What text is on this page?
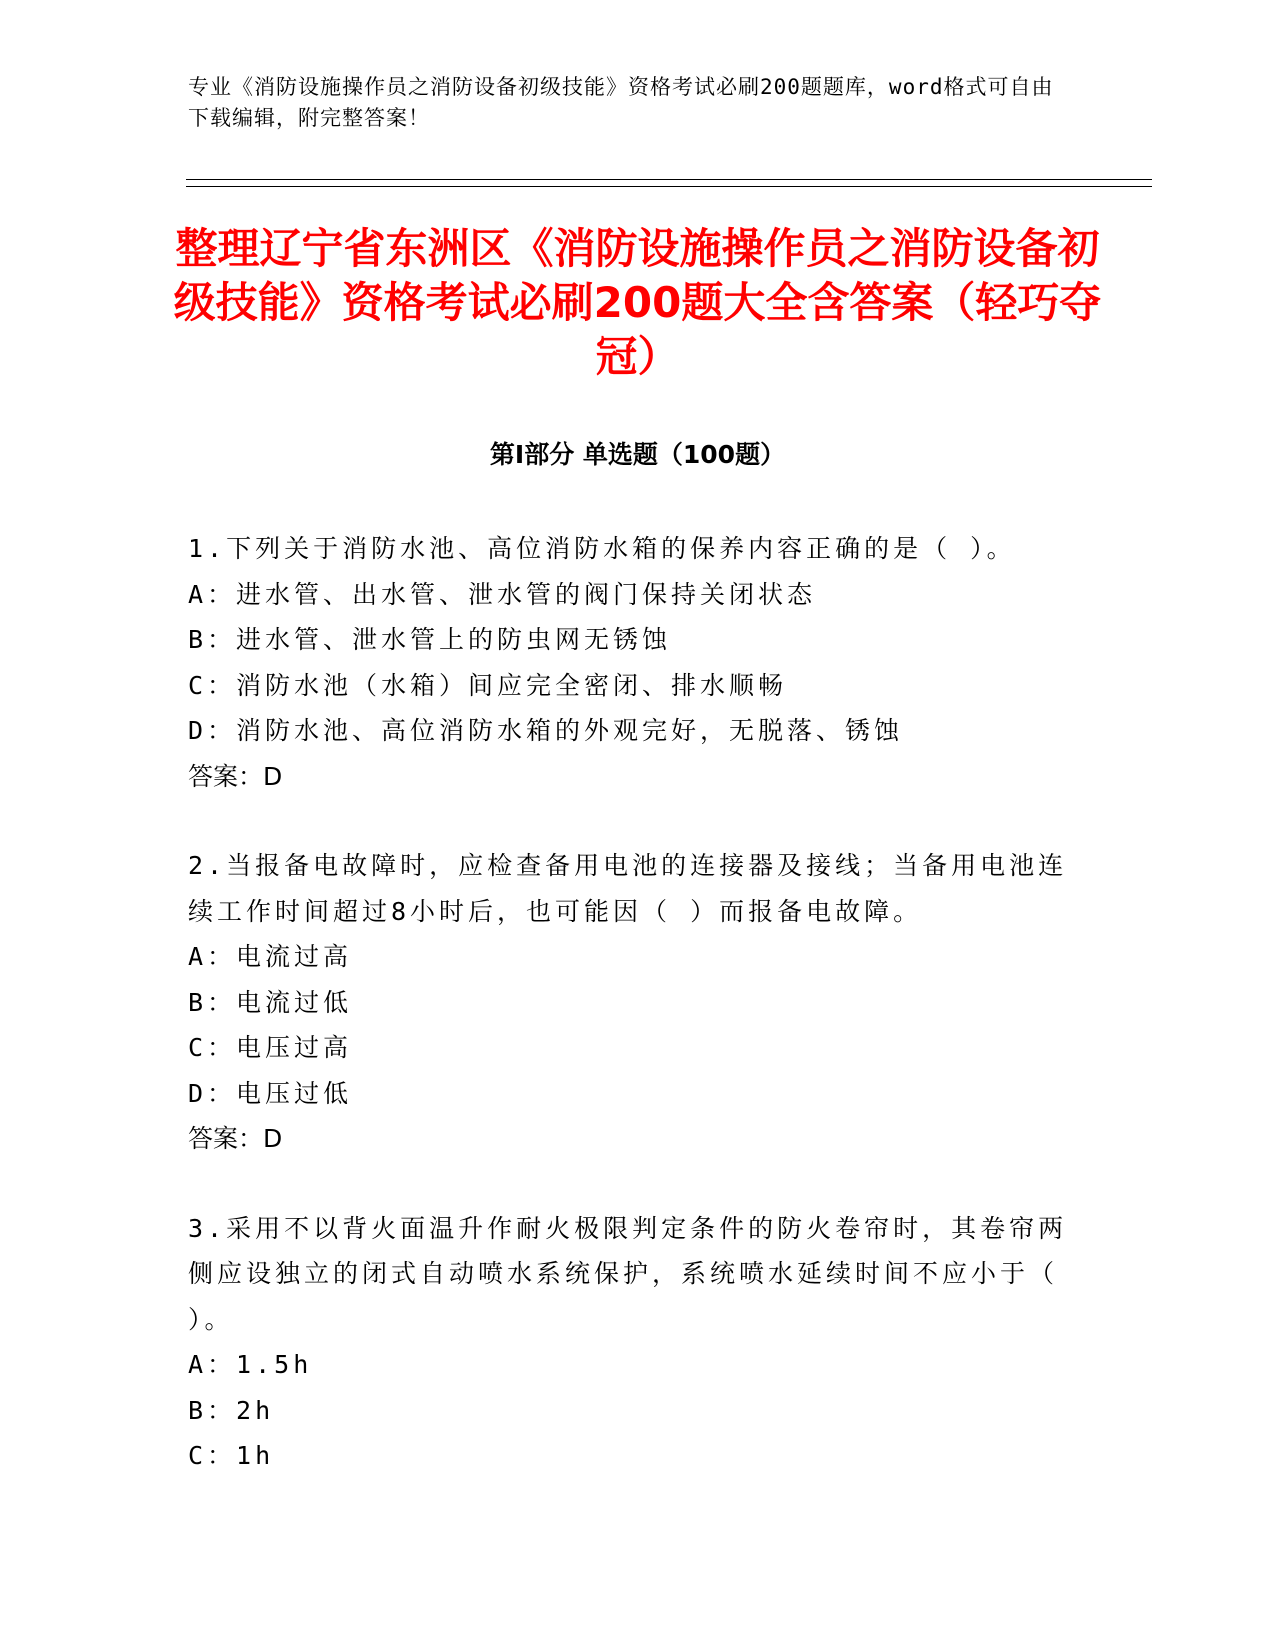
专业《消防设施操作员之消防设备初级技能》资格考试必刷200题题库，word格式可自由下载编辑，附完整答案！
整理辽宁省东洲区《消防设施操作员之消防设备初级技能》资格考试必刷200题大全含答案（轻巧夺冠）
第Ⅰ部分 单选题（100题）
1.下列关于消防水池、高位消防水箱的保养内容正确的是（ ）。
A：进水管、出水管、泄水管的阀门保持关闭状态
B：进水管、泄水管上的防虫网无锈蚀
C：消防水池（水箱）间应完全密闭、排水顺畅
D：消防水池、高位消防水箱的外观完好，无脱落、锈蚀
答案：D
2.当报备电故障时，应检查备用电池的连接器及接线；当备用电池连续工作时间超过8小时后，也可能因（ ）而报备电故障。
A：电流过高
B：电流过低
C：电压过高
D：电压过低
答案：D
3.采用不以背火面温升作耐火极限判定条件的防火卷帘时，其卷帘两侧应设独立的闭式自动喷水系统保护，系统喷水延续时间不应小于（ ）。
A：1.5h
B：2h
C：1h
